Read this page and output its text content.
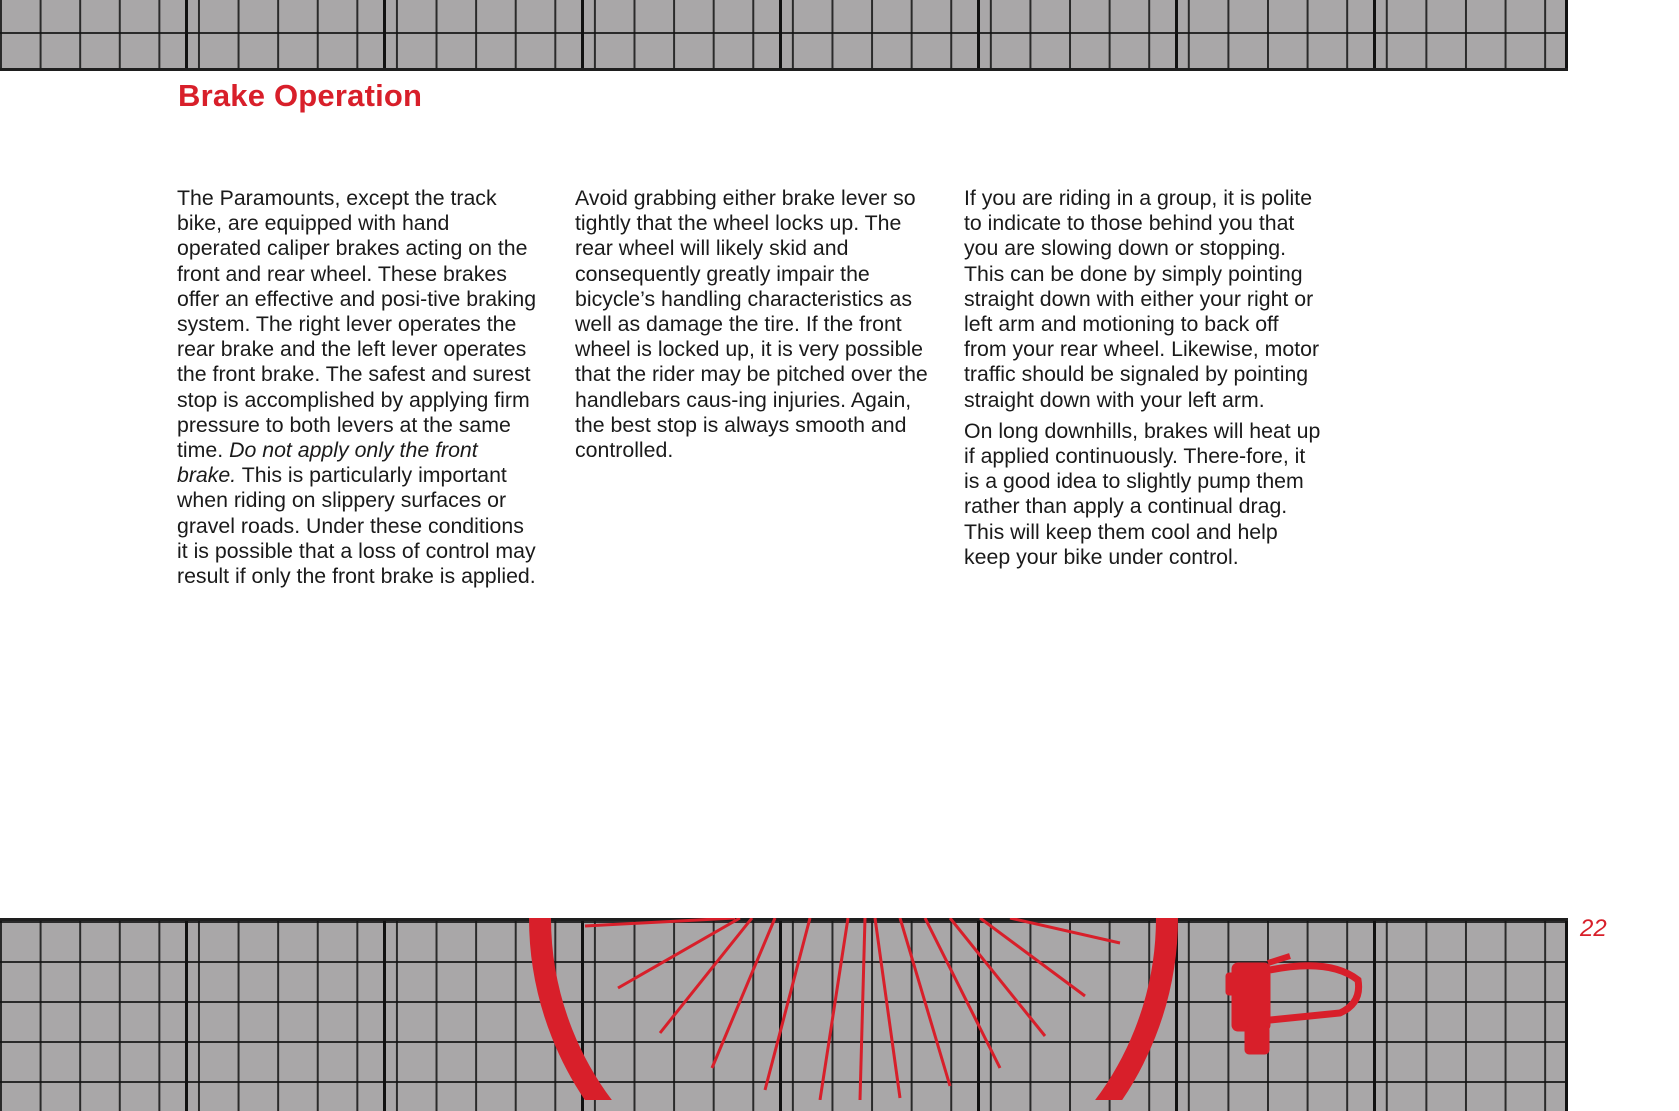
Brake Operation

The Paramounts, except the track bike, are equipped with hand operated caliper brakes acting on the front and rear wheel. These brakes offer an effective and posi-tive braking system. The right lever operates the rear brake and the left lever operates the front brake. The safest and surest stop is accomplished by applying firm pressure to both levers at the same time. Do not apply only the front brake. This is particularly important when riding on slippery surfaces or gravel roads. Under these conditions it is possible that a loss of control may result if only the front brake is applied.

Avoid grabbing either brake lever so tightly that the wheel locks up. The rear wheel will likely skid and consequently greatly impair the bicycle’s handling characteristics as well as damage the tire. If the front wheel is locked up, it is very possible that the rider may be pitched over the handlebars caus-ing injuries. Again, the best stop is always smooth and controlled.

If you are riding in a group, it is polite to indicate to those behind you that you are slowing down or stopping. This can be done by simply pointing straight down with either your right or left arm and motioning to back off from your rear wheel. Likewise, motor traffic should be signaled by pointing straight down with your left arm.

On long downhills, brakes will heat up if applied continuously. There-fore, it is a good idea to slightly pump them rather than apply a continual drag. This will keep them cool and help keep your bike under control.

22
